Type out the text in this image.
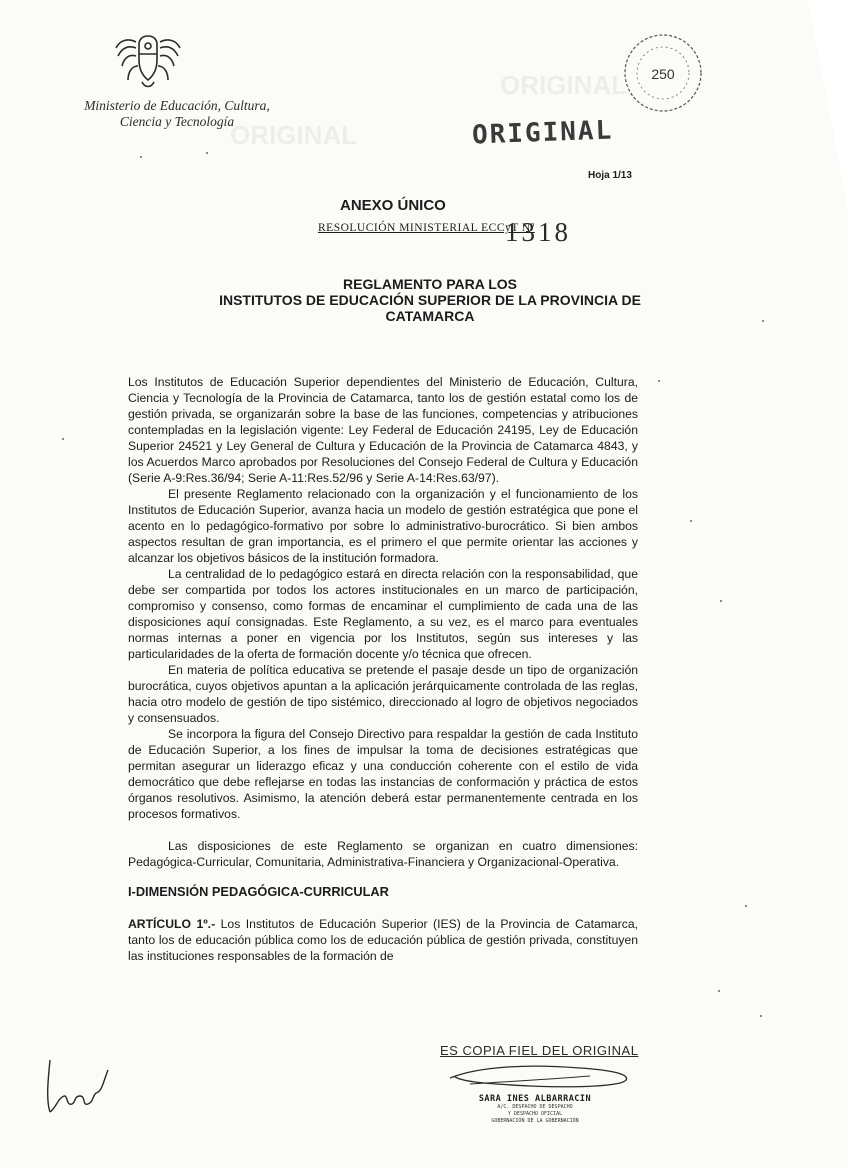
ORIGINAL
ORIGINAL
Ministerio de Educación, Cultura,
Ciencia y Tecnología
250
ORIGINAL
Hoja 1/13
ANEXO ÚNICO
RESOLUCIÓN MINISTERIAL ECCyT Nº
1318
REGLAMENTO PARA LOS
INSTITUTOS DE EDUCACIÓN SUPERIOR DE LA PROVINCIA DE
CATAMARCA

Los Institutos de Educación Superior dependientes del Ministerio de Educación, Cultura, Ciencia y Tecnología de la Provincia de Catamarca, tanto los de gestión estatal como los de gestión privada, se organizarán sobre la base de las funciones, competencias y atribuciones contempladas en la legislación vigente: Ley Federal de Educación 24195, Ley de Educación Superior 24521 y Ley General de Cultura y Educación de la Provincia de Catamarca 4843, y los Acuerdos Marco aprobados por Resoluciones del Consejo Federal de Cultura y Educación (Serie A-9:Res.36/94; Serie A-11:Res.52/96 y Serie A-14:Res.63/97).

El presente Reglamento relacionado con la organización y el funcionamiento de los Institutos de Educación Superior, avanza hacia un modelo de gestión estratégica que pone el acento en lo pedagógico-formativo por sobre lo administrativo-burocrático. Si bien ambos aspectos resultan de gran importancia, es el primero el que permite orientar las acciones y alcanzar los objetivos básicos de la institución formadora.

La centralidad de lo pedagógico estará en directa relación con la responsabilidad, que debe ser compartida por todos los actores institucionales en un marco de participación, compromiso y consenso, como formas de encaminar el cumplimiento de cada una de las disposiciones aquí consignadas. Este Reglamento, a su vez, es el marco para eventuales normas internas a poner en vigencia por los Institutos, según sus intereses y las particularidades de la oferta de formación docente y/o técnica que ofrecen.

En materia de política educativa se pretende el pasaje desde un tipo de organización burocrática, cuyos objetivos apuntan a la aplicación jerárquicamente controlada de las reglas, hacia otro modelo de gestión de tipo sistémico, direccionado al logro de objetivos negociados y consensuados.

Se incorpora la figura del Consejo Directivo para respaldar la gestión de cada Instituto de Educación Superior, a los fines de impulsar la toma de decisiones estratégicas que permitan asegurar un liderazgo eficaz y una conducción coherente con el estilo de vida democrático que debe reflejarse en todas las instancias de conformación y práctica de estos órganos resolutivos. Asimismo, la atención deberá estar permanentemente centrada en los procesos formativos.

Las disposiciones de este Reglamento se organizan en cuatro dimensiones: Pedagógica-Curricular, Comunitaria, Administrativa-Financiera y Organizacional-Operativa.

I-DIMENSIÓN PEDAGÓGICA-CURRICULAR

ARTÍCULO 1º.- Los Institutos de Educación Superior (IES) de la Provincia de Catamarca, tanto los de educación pública como los de educación pública de gestión privada, constituyen las instituciones responsables de la formación de

ES COPIA FIEL DEL ORIGINAL
SARA INES ALBARRACIN
A/C. DESPACHO DE DESPACHO
Y DESPACHO OFICIAL
GOBERNACIÓN DE LA GOBERNACIÓN
